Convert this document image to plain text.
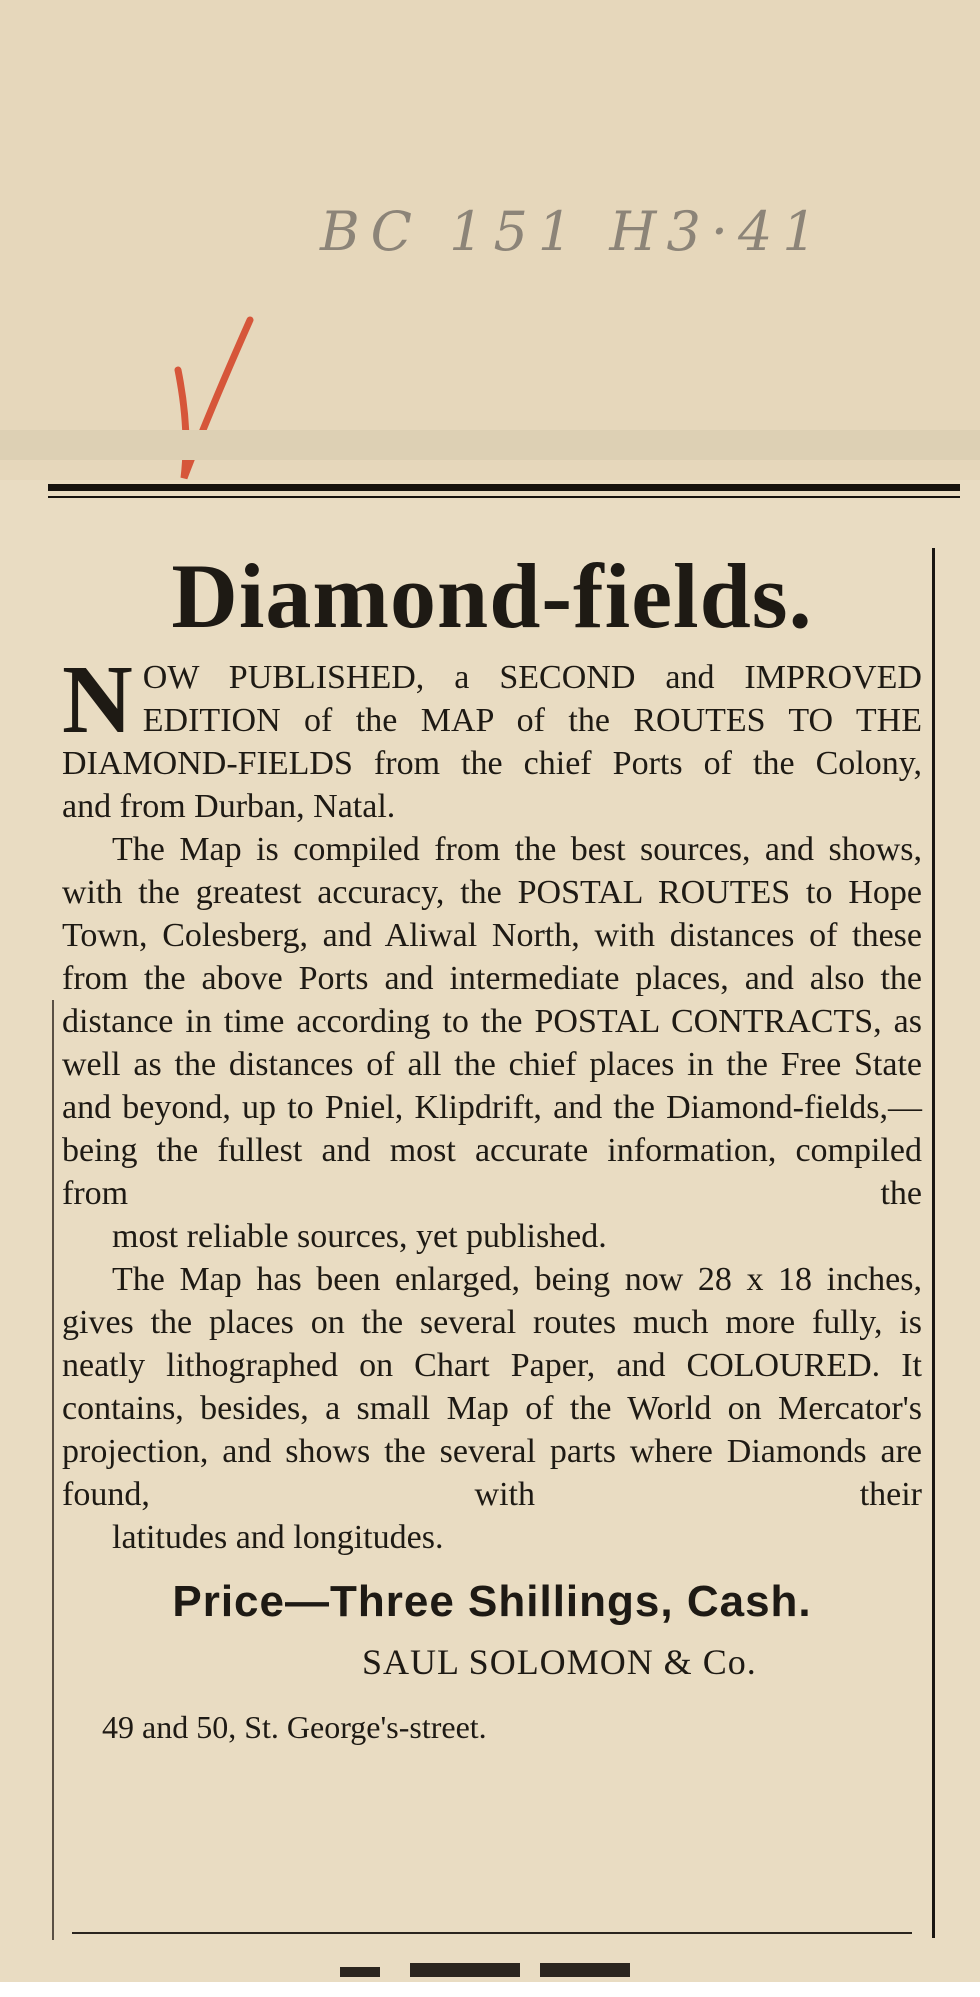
BC 151 H3·41
Diamond-fields.

NOW PUBLISHED, a SECOND and IMPROVED EDITION of the MAP of the ROUTES TO THE DIAMOND-FIELDS from the chief Ports of the Colony,
and from Durban, Natal.

The Map is compiled from the best sources, and shows, with the greatest accuracy, the POSTAL ROUTES to Hope Town, Colesberg, and Aliwal North, with distances of these from the above Ports and intermediate places, and also the distance in time according to the POSTAL CONTRACTS, as well as the distances of all the chief places in the Free State and beyond, up to Pniel, Klipdrift, and the Diamond-fields,—being the fullest and most accurate information, compiled from the
most reliable sources, yet published.

The Map has been enlarged, being now 28 x 18 inches, gives the places on the several routes much more fully, is neatly lithographed on Chart Paper, and COLOURED. It contains, besides, a small Map of the World on Mercator's projection, and shows the several parts where Diamonds are found, with their
latitudes and longitudes.

Price—Three Shillings, Cash.
SAUL SOLOMON & Co.
49 and 50, St. George's-street.
